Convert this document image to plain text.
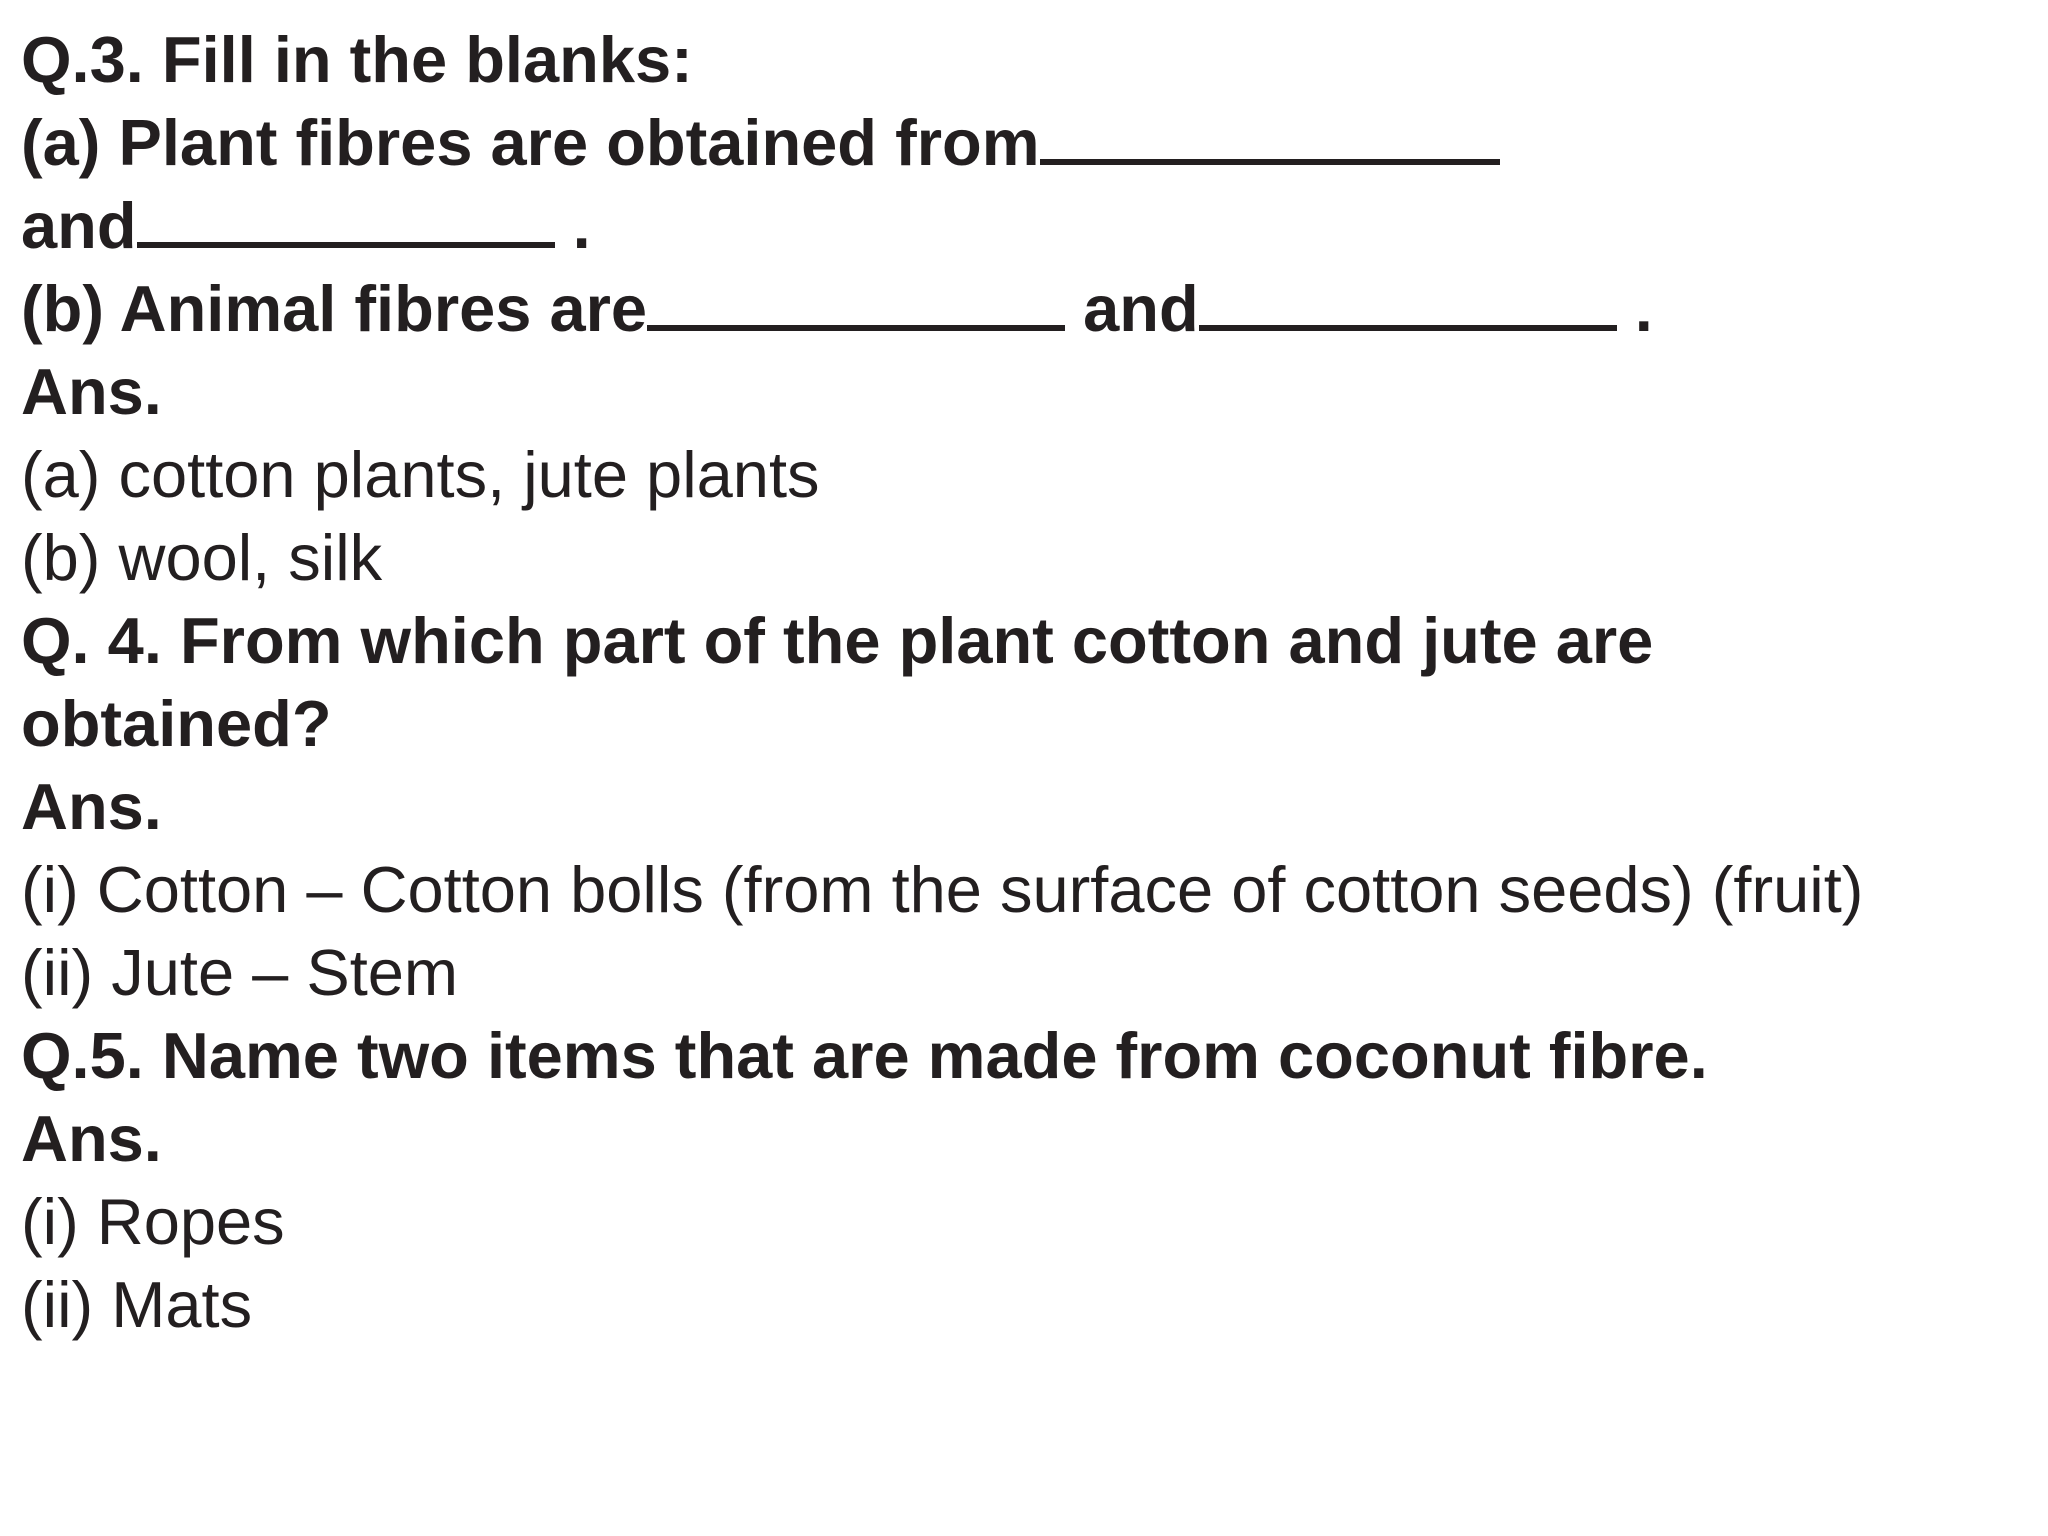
Q.3. Fill in the blanks:
(a) Plant fibres are obtained from
and	.
(b) Animal fibres are	and	.
Ans.
(a) cotton plants, jute plants
(b) wool, silk
Q. 4. From which part of the plant cotton and jute are
obtained?
Ans.
(i) Cotton – Cotton bolls (from the surface of cotton seeds) (fruit)
(ii) Jute – Stem
Q.5. Name two items that are made from coconut fibre.
Ans.
(i) Ropes
(ii) Mats
